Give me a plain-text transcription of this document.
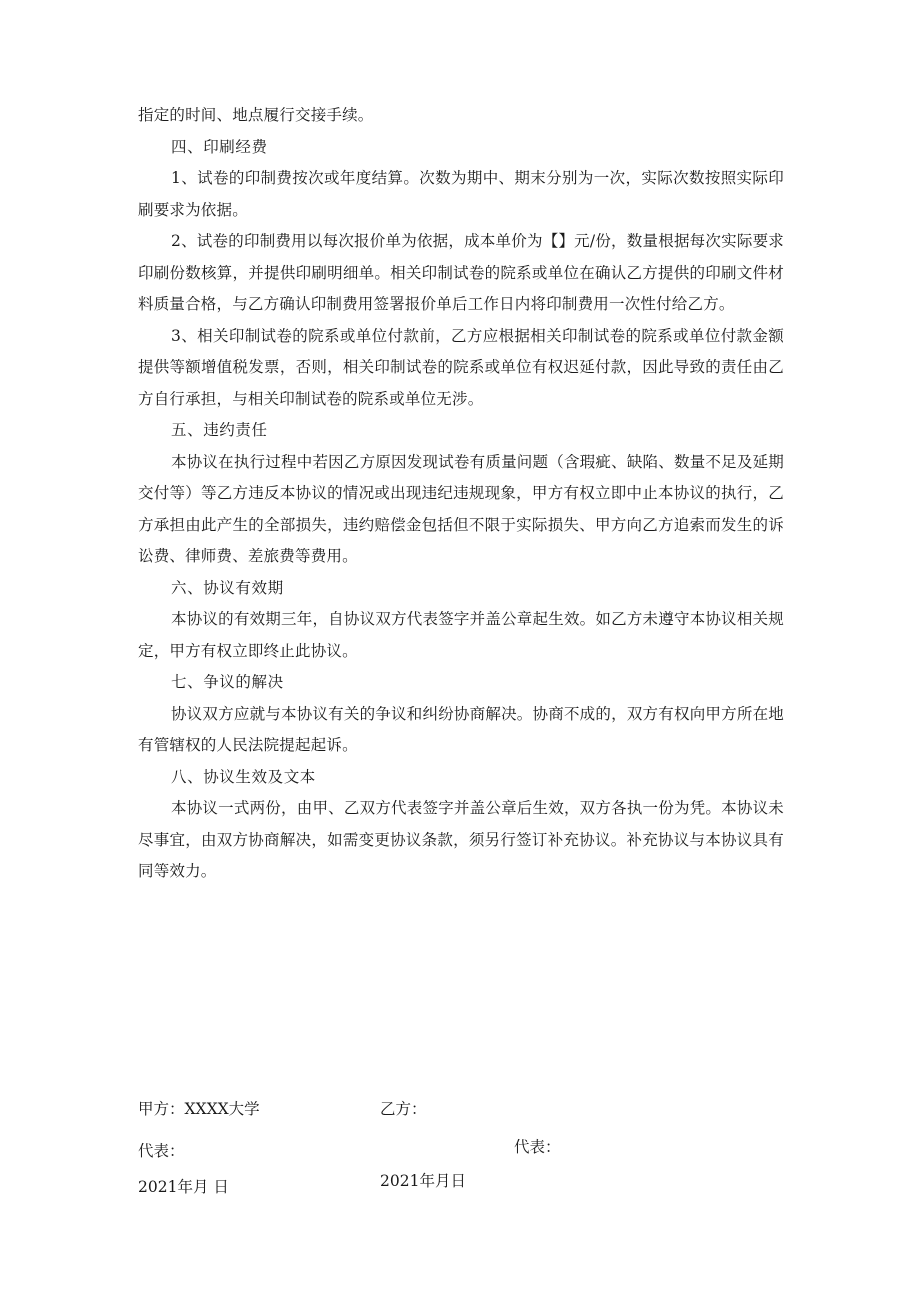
指定的时间、地点履行交接手续。

四、印刷经费

1、试卷的印制费按次或年度结算。次数为期中、期末分别为一次，实际次数按照实际印刷要求为依据。

2、试卷的印制费用以每次报价单为依据，成本单价为【】元/份，数量根据每次实际要求印刷份数核算，并提供印刷明细单。相关印制试卷的院系或单位在确认乙方提供的印刷文件材料质量合格，与乙方确认印制费用签署报价单后工作日内将印制费用一次性付给乙方。

3、相关印制试卷的院系或单位付款前，乙方应根据相关印制试卷的院系或单位付款金额提供等额增值税发票，否则，相关印制试卷的院系或单位有权迟延付款，因此导致的责任由乙方自行承担，与相关印制试卷的院系或单位无涉。

五、违约责任

本协议在执行过程中若因乙方原因发现试卷有质量问题（含瑕疵、缺陷、数量不足及延期交付等）等乙方违反本协议的情况或出现违纪违规现象，甲方有权立即中止本协议的执行，乙方承担由此产生的全部损失，违约赔偿金包括但不限于实际损失、甲方向乙方追索而发生的诉讼费、律师费、差旅费等费用。

六、协议有效期

本协议的有效期三年，自协议双方代表签字并盖公章起生效。如乙方未遵守本协议相关规定，甲方有权立即终止此协议。

七、争议的解决

协议双方应就与本协议有关的争议和纠纷协商解决。协商不成的，双方有权向甲方所在地有管辖权的人民法院提起起诉。

八、协议生效及文本

本协议一式两份，由甲、乙双方代表签字并盖公章后生效，双方各执一份为凭。本协议未尽事宜，由双方协商解决，如需变更协议条款，须另行签订补充协议。补充协议与本协议具有同等效力。

甲方：XXXX大学	乙方：
代表：	代表：
2021年月 日	2021年月日
